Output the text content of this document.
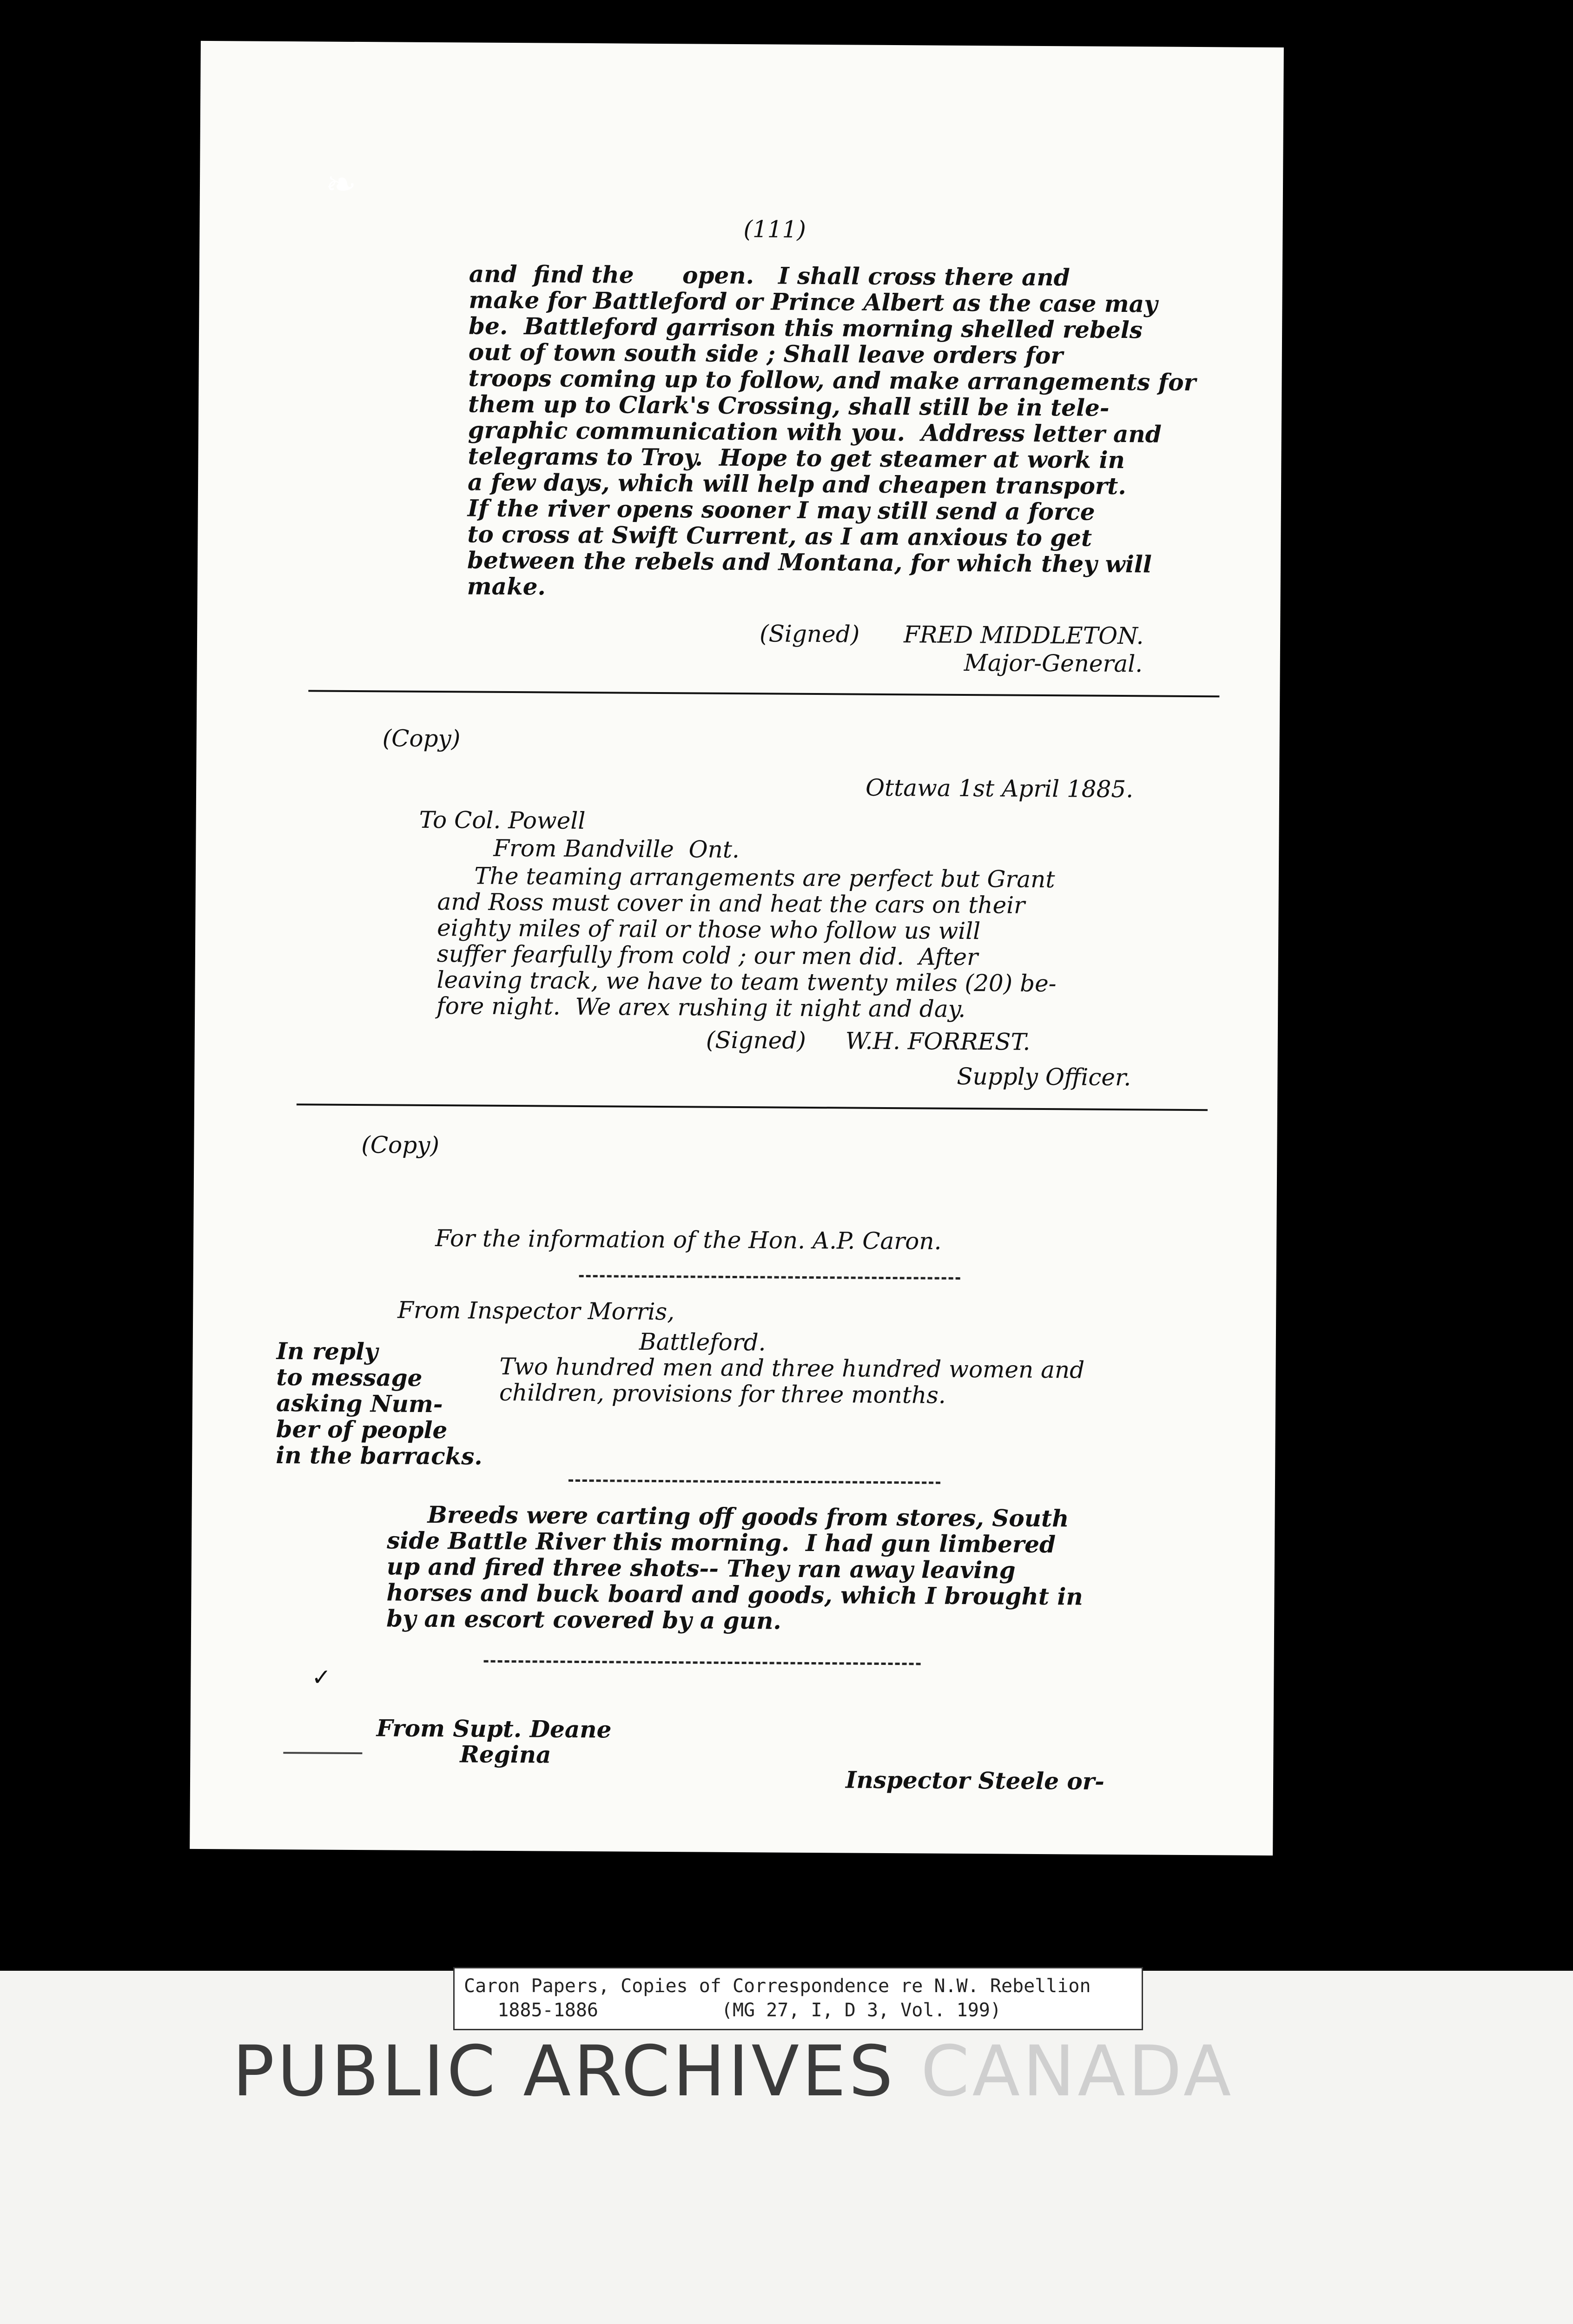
(111)
and  find the      open.   I shall cross there and
make for Battleford or Prince Albert as the case may
be.  Battleford garrison this morning shelled rebels
out of town south side ; Shall leave orders for
troops coming up to follow, and make arrangements for
them up to Clark's Crossing, shall still be in tele-
graphic communication with you.  Address letter and
telegrams to Troy.  Hope to get steamer at work in
a few days, which will help and cheapen transport.
If the river opens sooner I may still send a force
to cross at Swift Current, as I am anxious to get
between the rebels and Montana, for which they will
make.
(Signed) FRED MIDDLETON.
Major-General.
(Copy)
Ottawa 1st April 1885.
To Col. Powell
From Bandville  Ont.
The teaming arrangements are perfect but Grant
and Ross must cover in and heat the cars on their
eighty miles of rail or those who follow us will
suffer fearfully from cold ; our men did.  After
leaving track, we have to team twenty miles (20) be-
fore night.  We arex rushing it night and day.
(Signed) W.H. FORREST.
Supply Officer.
(Copy)
For the information of the Hon. A.P. Caron.
From Inspector Morris,
Battleford.
In reply
to message
asking Num-
ber of people
in the barracks.
Two hundred men and three hundred women and
children, provisions for three months.
Breeds were carting off goods from stores, South
side Battle River this morning.  I had gun limbered
up and fired three shots-- They ran away leaving
horses and buck board and goods, which I brought in
by an escort covered by a gun.
From Supt. Deane
Regina
Inspector Steele or-
✓
❧
Caron Papers, Copies of Correspondence re N.W. Rebellion
1885-1886           (MG 27, I, D 3, Vol. 199)
PUBLIC ARCHIVES CANADA
